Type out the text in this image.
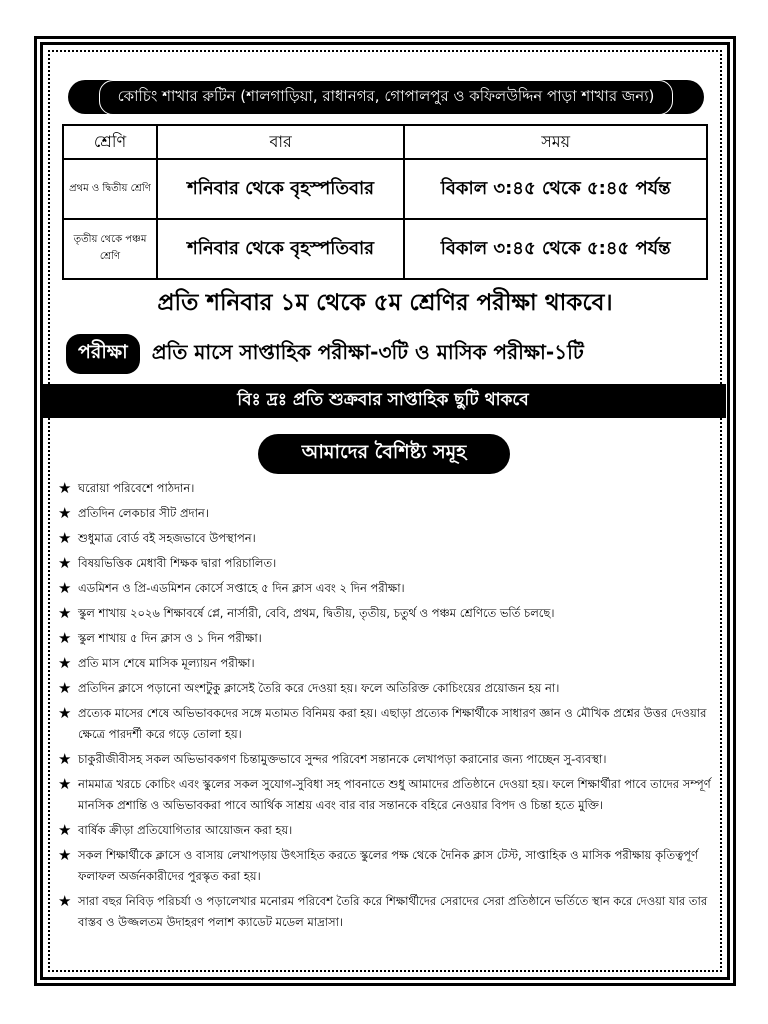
কোচিং শাখার রুটিন (শালগাড়িয়া, রাধানগর, গোপালপুর ও কফিলউদ্দিন পাড়া শাখার জন্য)
শ্রেণি	বার	সময়
প্রথম ও দ্বিতীয় শ্রেণি	শনিবার থেকে বৃহস্পতিবার	বিকাল ৩:৪৫ থেকে ৫:৪৫ পর্যন্ত
তৃতীয় থেকে পঞ্চম শ্রেণি	শনিবার থেকে বৃহস্পতিবার	বিকাল ৩:৪৫ থেকে ৫:৪৫ পর্যন্ত
প্রতি শনিবার ১ম থেকে ৫ম শ্রেণির পরীক্ষা থাকবে।
পরীক্ষা	প্রতি মাসে সাপ্তাহিক পরীক্ষা-৩টি ও মাসিক পরীক্ষা-১টি
বিঃ দ্রঃ প্রতি শুক্রবার সাপ্তাহিক ছুটি থাকবে
আমাদের বৈশিষ্ট্য সমূহ
★ ঘরোয়া পরিবেশে পাঠদান।
★ প্রতিদিন লেকচার সীট প্রদান।
★ শুধুমাত্র বোর্ড বই সহজভাবে উপস্থাপন।
★ বিষয়ভিত্তিক মেধাবী শিক্ষক দ্বারা পরিচালিত।
★ এডমিশন ও প্রি-এডমিশন কোর্সে সপ্তাহে ৫ দিন ক্লাস এবং ২ দিন পরীক্ষা।
★ স্কুল শাখায় ২০২৬ শিক্ষাবর্ষে প্লে, নার্সারী, বেবি, প্রথম, দ্বিতীয়, তৃতীয়, চতুর্থ ও পঞ্চম শ্রেণিতে ভর্তি চলছে।
★ স্কুল শাখায় ৫ দিন ক্লাস ও ১ দিন পরীক্ষা।
★ প্রতি মাস শেষে মাসিক মূল্যায়ন পরীক্ষা।
★ প্রতিদিন ক্লাসে পড়ানো অংশটুকু ক্লাসেই তৈরি করে দেওয়া হয়। ফলে অতিরিক্ত কোচিংয়ের প্রয়োজন হয় না।
★ প্রত্যেক মাসের শেষে অভিভাবকদের সঙ্গে মতামত বিনিময় করা হয়। এছাড়া প্রত্যেক শিক্ষার্থীকে সাধারণ জ্ঞান ও মৌখিক প্রশ্নের উত্তর দেওয়ার ক্ষেত্রে পারদর্শী করে গড়ে তোলা হয়।
★ চাকুরীজীবীসহ সকল অভিভাবকগণ চিন্তামুক্তভাবে সুন্দর পরিবেশ সন্তানকে লেখাপড়া করানোর জন্য পাচ্ছেন সু-ব্যবস্থা।
★ নামমাত্র খরচে কোচিং এবং স্কুলের সকল সুযোগ-সুবিধা সহ পাবনাতে শুধু আমাদের প্রতিষ্ঠানে দেওয়া হয়। ফলে শিক্ষার্থীরা পাবে তাদের সম্পূর্ণ মানসিক প্রশান্তি ও অভিভাবকরা পাবে আর্থিক সাশ্রয় এবং বার বার সন্তানকে বহিরে নেওয়ার বিপদ ও চিন্তা হতে মুক্তি।
★ বার্ষিক ক্রীড়া প্রতিযোগিতার আয়োজন করা হয়।
★ সকল শিক্ষার্থীকে ক্লাসে ও বাসায় লেখাপড়ায় উৎসাহিত করতে স্কুলের পক্ষ থেকে দৈনিক ক্লাস টেস্ট, সাপ্তাহিক ও মাসিক পরীক্ষায় কৃতিত্বপূর্ণ ফলাফল অর্জনকারীদের পুরস্কৃত করা হয়।
★ সারা বছর নিবিড় পরিচর্যা ও পড়ালেখার মনোরম পরিবেশ তৈরি করে শিক্ষার্থীদের সেরাদের সেরা প্রতিষ্ঠানে ভর্তিতে স্থান করে দেওয়া যার তার বাস্তব ও উজ্জলতম উদাহরণ পলাশ ক্যাডেট মডেল মাদ্রাসা।
